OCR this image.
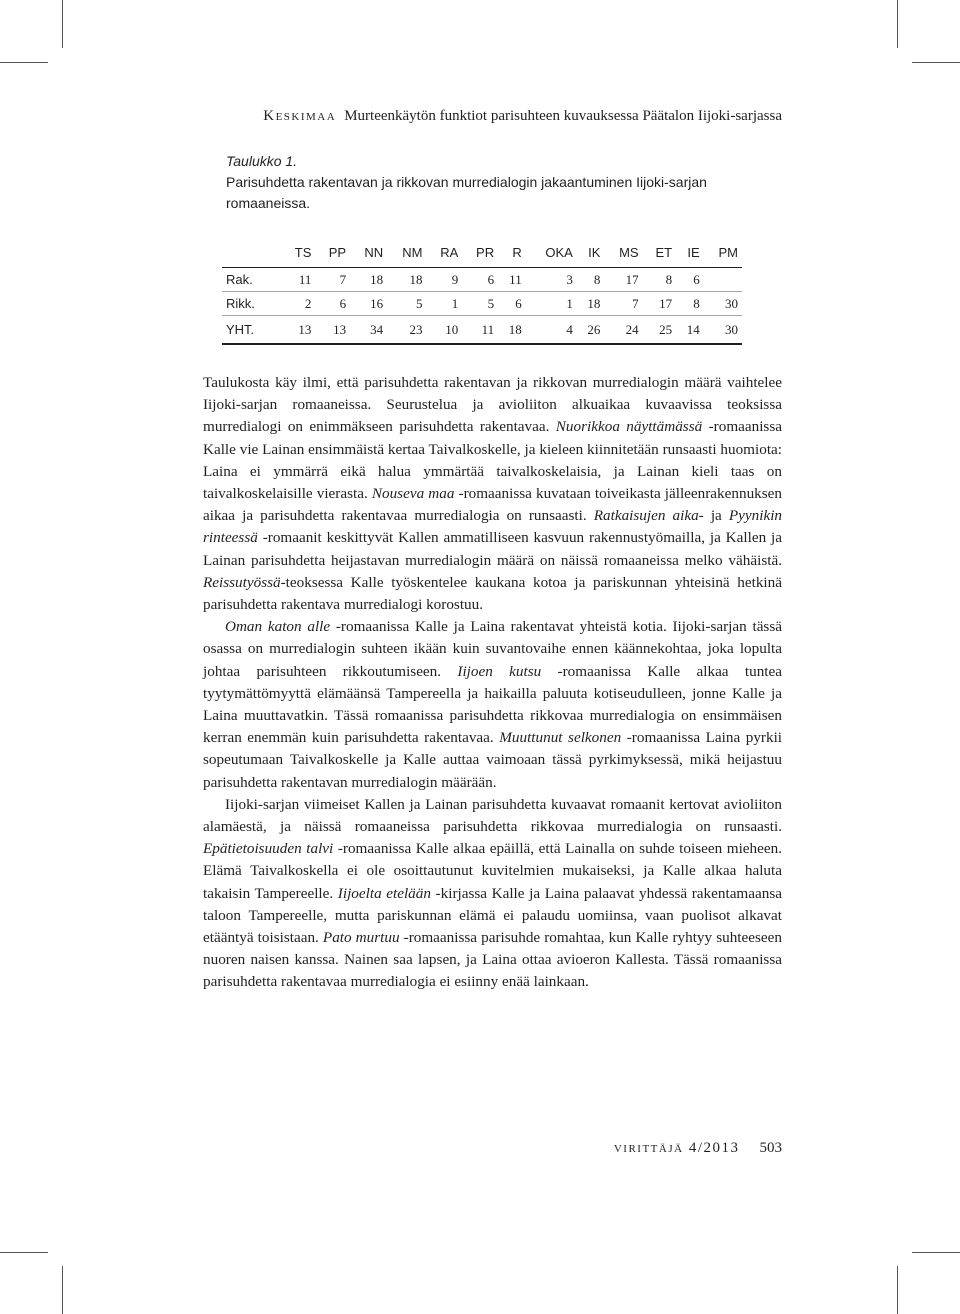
Keskimaa Murteenkäytön funktiot parisuhteen kuvauksessa Päätalon Iijoki-sarjassa
Taulukko 1.
Parisuhdetta rakentavan ja rikkovan murredialogin jakaantuminen Iijoki-sarjan romaaneissa.
	TS	PP	NN	NM	RA	PR	R	OKA	IK	MS	ET	IE	PM
Rak.	11	7	18	18	9	6	11	3	8	17	8	6	
Rikk.	2	6	16	5	1	5	6	1	18	7	17	8	30
YHT.	13	13	34	23	10	11	18	4	26	24	25	14	30

Taulukosta käy ilmi, että parisuhdetta rakentavan ja rikkovan murredialogin määrä vaihtelee Iijoki-sarjan romaaneissa. Seurustelua ja avioliiton alkuaikaa kuvaavissa teoksissa murredialogi on enimmäkseen parisuhdetta rakentavaa. Nuorikkoa näyttämässä -romaanissa Kalle vie Lainan ensimmäistä kertaa Taivalkoskelle, ja kieleen kiinnitetään runsaasti huomiota: Laina ei ymmärrä eikä halua ymmärtää taivalkoskelaisia, ja Lainan kieli taas on taivalkoskelaisille vierasta. Nouseva maa -romaanissa kuvataan toiveikasta jälleenrakennuksen aikaa ja parisuhdetta rakentavaa murredialogia on runsaasti. Ratkaisujen aika- ja Pyynikin rinteessä -romaanit keskittyvät Kallen ammatilliseen kasvuun rakennustyömailla, ja Kallen ja Lainan parisuhdetta heijastavan murredialogin määrä on näissä romaaneissa melko vähäistä. Reissutyössä-teoksessa Kalle työskentelee kaukana kotoa ja pariskunnan yhteisinä hetkinä parisuhdetta rakentava murredialogi korostuu.

Oman katon alle -romaanissa Kalle ja Laina rakentavat yhteistä kotia. Iijoki-sarjan tässä osassa on murredialogin suhteen ikään kuin suvantovaihe ennen käännekohtaa, joka lopulta johtaa parisuhteen rikkoutumiseen. Iijoen kutsu -romaanissa Kalle alkaa tuntea tyytymättömyyttä elämäänsä Tampereella ja haikailla paluuta kotiseudulleen, jonne Kalle ja Laina muuttavatkin. Tässä romaanissa parisuhdetta rikkovaa murredialogia on ensimmäisen kerran enemmän kuin parisuhdetta rakentavaa. Muuttunut selkonen -romaanissa Laina pyrkii sopeutumaan Taivalkoskelle ja Kalle auttaa vaimoaan tässä pyrkimyksessä, mikä heijastuu parisuhdetta rakentavan murredialogin määrään.

Iijoki-sarjan viimeiset Kallen ja Lainan parisuhdetta kuvaavat romaanit kertovat avioliiton alamäestä, ja näissä romaaneissa parisuhdetta rikkovaa murredialogia on runsaasti. Epätietoisuuden talvi -romaanissa Kalle alkaa epäillä, että Lainalla on suhde toiseen mieheen. Elämä Taivalkoskella ei ole osoittautunut kuvitelmien mukaiseksi, ja Kalle alkaa haluta takaisin Tampereelle. Iijoelta etelään -kirjassa Kalle ja Laina palaavat yhdessä rakentamaansa taloon Tampereelle, mutta pariskunnan elämä ei palaudu uomiinsa, vaan puolisot alkavat etääntyä toisistaan. Pato murtuu -romaanissa parisuhde romahtaa, kun Kalle ryhtyy suhteeseen nuoren naisen kanssa. Nainen saa lapsen, ja Laina ottaa avioeron Kallesta. Tässä romaanissa parisuhdetta rakentavaa murredialogia ei esiinny enää lainkaan.

virittäjä 4/2013 503
